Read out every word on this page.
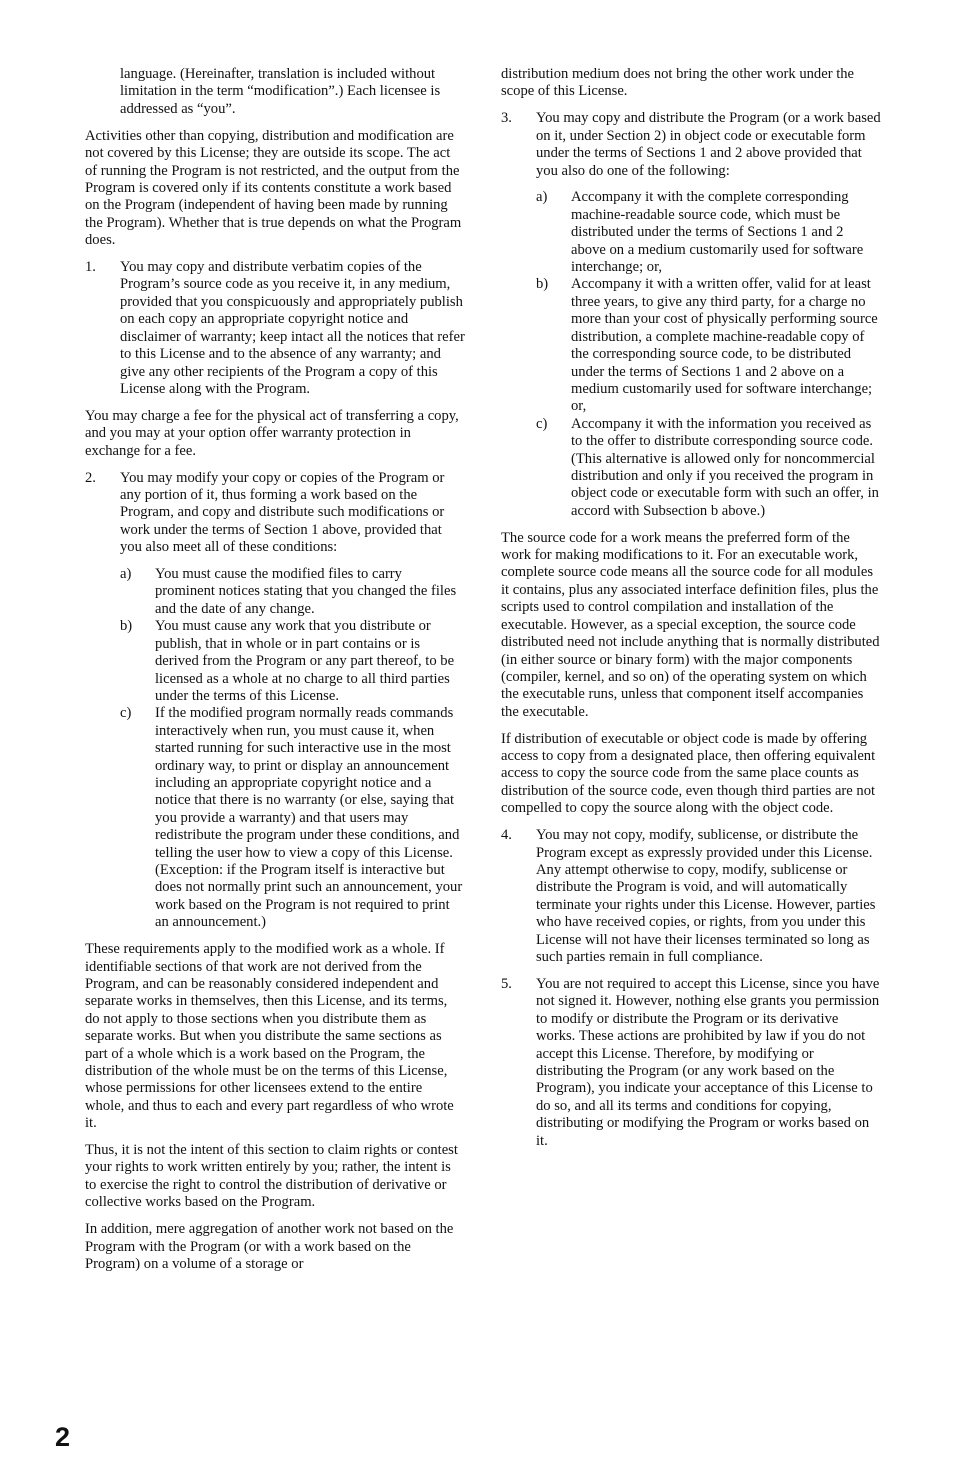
language. (Hereinafter, translation is included without limitation in the term “modification”.) Each licensee is addressed as “you”.

Activities other than copying, distribution and modification are not covered by this License; they are outside its scope. The act of running the Program is not restricted, and the output from the Program is covered only if its contents constitute a work based on the Program (independent of having been made by running the Program). Whether that is true depends on what the Program does.

1.	You may copy and distribute verbatim copies of the Program’s source code as you receive it, in any medium, provided that you conspicuously and appropriately publish on each copy an appropriate copyright notice and disclaimer of warranty; keep intact all the notices that refer to this License and to the absence of any warranty; and give any other recipients of the Program a copy of this License along with the Program.

You may charge a fee for the physical act of transferring a copy, and you may at your option offer warranty protection in exchange for a fee.

2.	You may modify your copy or copies of the Program or any portion of it, thus forming a work based on the Program, and copy and distribute such modifications or work under the terms of Section 1 above, provided that you also meet all of these conditions:
a)	You must cause the modified files to carry prominent notices stating that you changed the files and the date of any change.
b)	You must cause any work that you distribute or publish, that in whole or in part contains or is derived from the Program or any part thereof, to be licensed as a whole at no charge to all third parties under the terms of this License.
c)	If the modified program normally reads commands interactively when run, you must cause it, when started running for such interactive use in the most ordinary way, to print or display an announcement including an appropriate copyright notice and a notice that there is no warranty (or else, saying that you provide a warranty) and that users may redistribute the program under these conditions, and telling the user how to view a copy of this License. (Exception: if the Program itself is interactive but does not normally print such an announcement, your work based on the Program is not required to print an announcement.)

These requirements apply to the modified work as a whole. If identifiable sections of that work are not derived from the Program, and can be reasonably considered independent and separate works in themselves, then this License, and its terms, do not apply to those sections when you distribute them as separate works. But when you distribute the same sections as part of a whole which is a work based on the Program, the distribution of the whole must be on the terms of this License, whose permissions for other licensees extend to the entire whole, and thus to each and every part regardless of who wrote it.

Thus, it is not the intent of this section to claim rights or contest your rights to work written entirely by you; rather, the intent is to exercise the right to control the distribution of derivative or collective works based on the Program.

In addition, mere aggregation of another work not based on the Program with the Program (or with a work based on the Program) on a volume of a storage or

distribution medium does not bring the other work under the scope of this License.

3.	You may copy and distribute the Program (or a work based on it, under Section 2) in object code or executable form under the terms of Sections 1 and 2 above provided that you also do one of the following:
a)	Accompany it with the complete corresponding machine-readable source code, which must be distributed under the terms of Sections 1 and 2 above on a medium customarily used for software interchange; or,
b)	Accompany it with a written offer, valid for at least three years, to give any third party, for a charge no more than your cost of physically performing source distribution, a complete machine-readable copy of the corresponding source code, to be distributed under the terms of Sections 1 and 2 above on a medium customarily used for software interchange; or,
c)	Accompany it with the information you received as to the offer to distribute corresponding source code. (This alternative is allowed only for noncommercial distribution and only if you received the program in object code or executable form with such an offer, in accord with Subsection b above.)

The source code for a work means the preferred form of the work for making modifications to it. For an executable work, complete source code means all the source code for all modules it contains, plus any associated interface definition files, plus the scripts used to control compilation and installation of the executable. However, as a special exception, the source code distributed need not include anything that is normally distributed (in either source or binary form) with the major components (compiler, kernel, and so on) of the operating system on which the executable runs, unless that component itself accompanies the executable.

If distribution of executable or object code is made by offering access to copy from a designated place, then offering equivalent access to copy the source code from the same place counts as distribution of the source code, even though third parties are not compelled to copy the source along with the object code.

4.	You may not copy, modify, sublicense, or distribute the Program except as expressly provided under this License. Any attempt otherwise to copy, modify, sublicense or distribute the Program is void, and will automatically terminate your rights under this License. However, parties who have received copies, or rights, from you under this License will not have their licenses terminated so long as such parties remain in full compliance.
5.	You are not required to accept this License, since you have not signed it. However, nothing else grants you permission to modify or distribute the Program or its derivative works. These actions are prohibited by law if you do not accept this License. Therefore, by modifying or distributing the Program (or any work based on the Program), you indicate your acceptance of this License to do so, and all its terms and conditions for copying, distributing or modifying the Program or works based on it.
2
